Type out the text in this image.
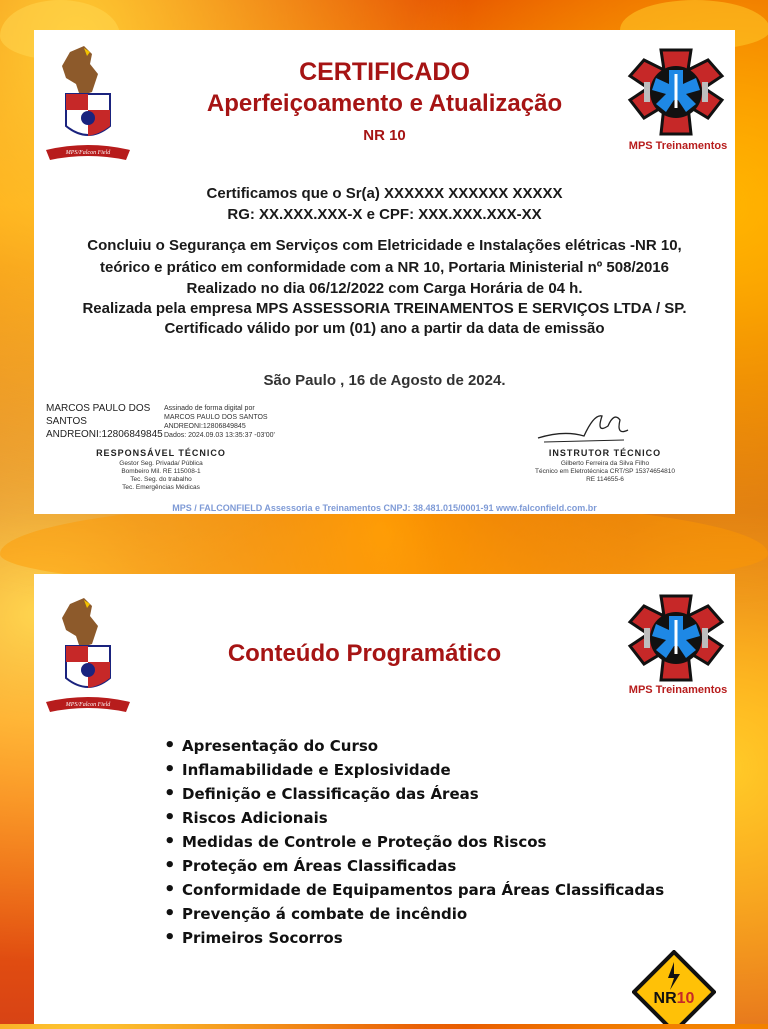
MPS/Falcon Field
MPS Treinamentos
CERTIFICADO
Aperfeiçoamento e Atualização
NR 10
Certificamos que o Sr(a) XXXXXX XXXXXX XXXXX
RG: XX.XXX.XXX-X e CPF: XXX.XXX.XXX-XX
Concluiu o Segurança em Serviços com Eletricidade e Instalações elétricas -NR 10,
teórico e prático em conformidade com a NR 10, Portaria Ministerial nº 508/2016
Realizado no dia 06/12/2022 com Carga Horária de 04 h.
Realizada pela empresa MPS ASSESSORIA TREINAMENTOS E SERVIÇOS LTDA / SP.
Certificado válido por um (01) ano a partir da data de emissão
São Paulo , 16 de Agosto de 2024.
MARCOS PAULO DOS
SANTOS
ANDREONI:12806849845
Assinado de forma digital por
MARCOS PAULO DOS SANTOS
ANDREONI:12806849845
Dados: 2024.09.03 13:35:37 -03'00'
RESPONSÁVEL TÉCNICO
Gestor Seg. Privada/ Pública
Bombeiro Mil. RE 115008-1
Tec. Seg. do trabalho
Tec. Emergências Médicas
INSTRUTOR TÉCNICO
Gilberto Ferreira da Silva Filho
Técnico em Eletrotécnica CRT/SP 15374654810
RE 114655-6
MPS / FALCONFIELD Assessoria e Treinamentos CNPJ: 38.481.015/0001-91 www.falconfield.com.br
MPS/Falcon Field
MPS Treinamentos
Conteúdo Programático
• Apresentação do Curso
• Inflamabilidade e Explosividade
• Definição e Classificação das Áreas
• Riscos Adicionais
• Medidas de Controle e Proteção dos Riscos
• Proteção em Áreas Classificadas
• Conformidade de Equipamentos para Áreas Classificadas
• Prevenção á combate de incêndio
• Primeiros Socorros
NR10
